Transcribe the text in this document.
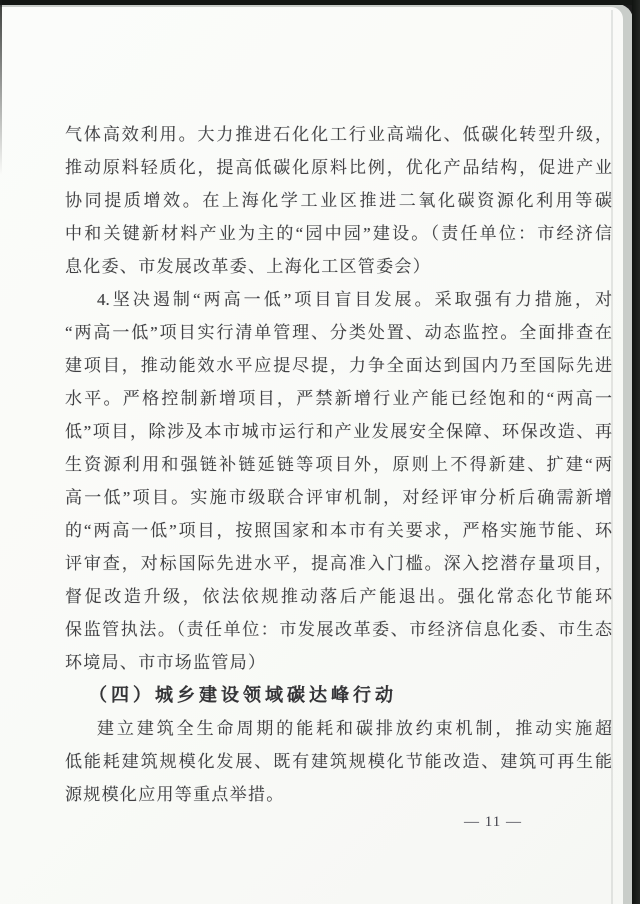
气体高效利用。大力推进石化化工行业高端化、低碳化转型升级，
推动原料轻质化，提高低碳化原料比例，优化产品结构，促进产业
协同提质增效。在上海化学工业区推进二氧化碳资源化利用等碳
中和关键新材料产业为主的“园中园”建设。（责任单位：市经济信
息化委、市发展改革委、上海化工区管委会）
4.坚决遏制“两高一低”项目盲目发展。采取强有力措施，对
“两高一低”项目实行清单管理、分类处置、动态监控。全面排查在
建项目，推动能效水平应提尽提，力争全面达到国内乃至国际先进
水平。严格控制新增项目，严禁新增行业产能已经饱和的“两高一
低”项目，除涉及本市城市运行和产业发展安全保障、环保改造、再
生资源利用和强链补链延链等项目外，原则上不得新建、扩建“两
高一低”项目。实施市级联合评审机制，对经评审分析后确需新增
的“两高一低”项目，按照国家和本市有关要求，严格实施节能、环
评审查，对标国际先进水平，提高准入门槛。深入挖潜存量项目，
督促改造升级，依法依规推动落后产能退出。强化常态化节能环
保监管执法。（责任单位：市发展改革委、市经济信息化委、市生态
环境局、市市场监管局）
（四）城乡建设领域碳达峰行动
建立建筑全生命周期的能耗和碳排放约束机制，推动实施超
低能耗建筑规模化发展、既有建筑规模化节能改造、建筑可再生能
源规模化应用等重点举措。
— 11 —
